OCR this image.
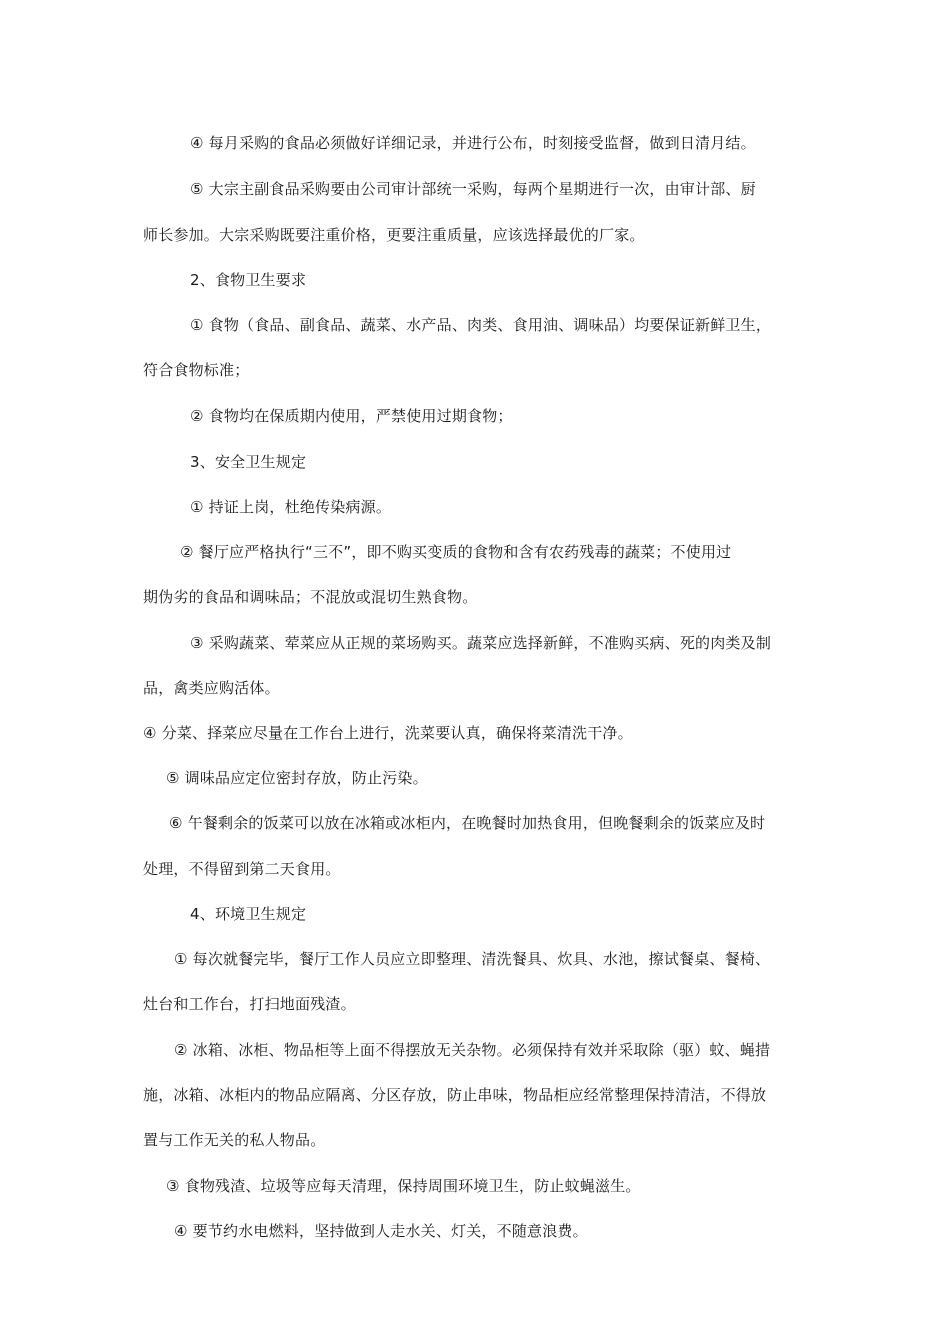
④ 每月采购的食品必须做好详细记录，并进行公布，时刻接受监督，做到日清月结。
⑤ 大宗主副食品采购要由公司审计部统一采购，每两个星期进行一次，由审计部、厨
师长参加。大宗采购既要注重价格，更要注重质量，应该选择最优的厂家。
2、食物卫生要求
① 食物（食品、副食品、蔬菜、水产品、肉类、食用油、调味品）均要保证新鲜卫生，
符合食物标准；
② 食物均在保质期内使用，严禁使用过期食物；
3、安全卫生规定
① 持证上岗，杜绝传染病源。
② 餐厅应严格执行“三不”，即不购买变质的食物和含有农药残毒的蔬菜；不使用过
期伪劣的食品和调味品；不混放或混切生熟食物。
③ 采购蔬菜、荤菜应从正规的菜场购买。蔬菜应选择新鲜，不准购买病、死的肉类及制
品，禽类应购活体。
④ 分菜、择菜应尽量在工作台上进行，洗菜要认真，确保将菜清洗干净。
⑤ 调味品应定位密封存放，防止污染。
⑥ 午餐剩余的饭菜可以放在冰箱或冰柜内，在晚餐时加热食用，但晚餐剩余的饭菜应及时
处理，不得留到第二天食用。
4、环境卫生规定
① 每次就餐完毕，餐厅工作人员应立即整理、清洗餐具、炊具、水池，擦试餐桌、餐椅、
灶台和工作台，打扫地面残渣。
② 冰箱、冰柜、物品柜等上面不得摆放无关杂物。必须保持有效并采取除（驱）蚊、蝇措
施，冰箱、冰柜内的物品应隔离、分区存放，防止串味，物品柜应经常整理保持清洁，不得放
置与工作无关的私人物品。
③ 食物残渣、垃圾等应每天清理，保持周围环境卫生，防止蚊蝇滋生。
④ 要节约水电燃料，坚持做到人走水关、灯关，不随意浪费。
